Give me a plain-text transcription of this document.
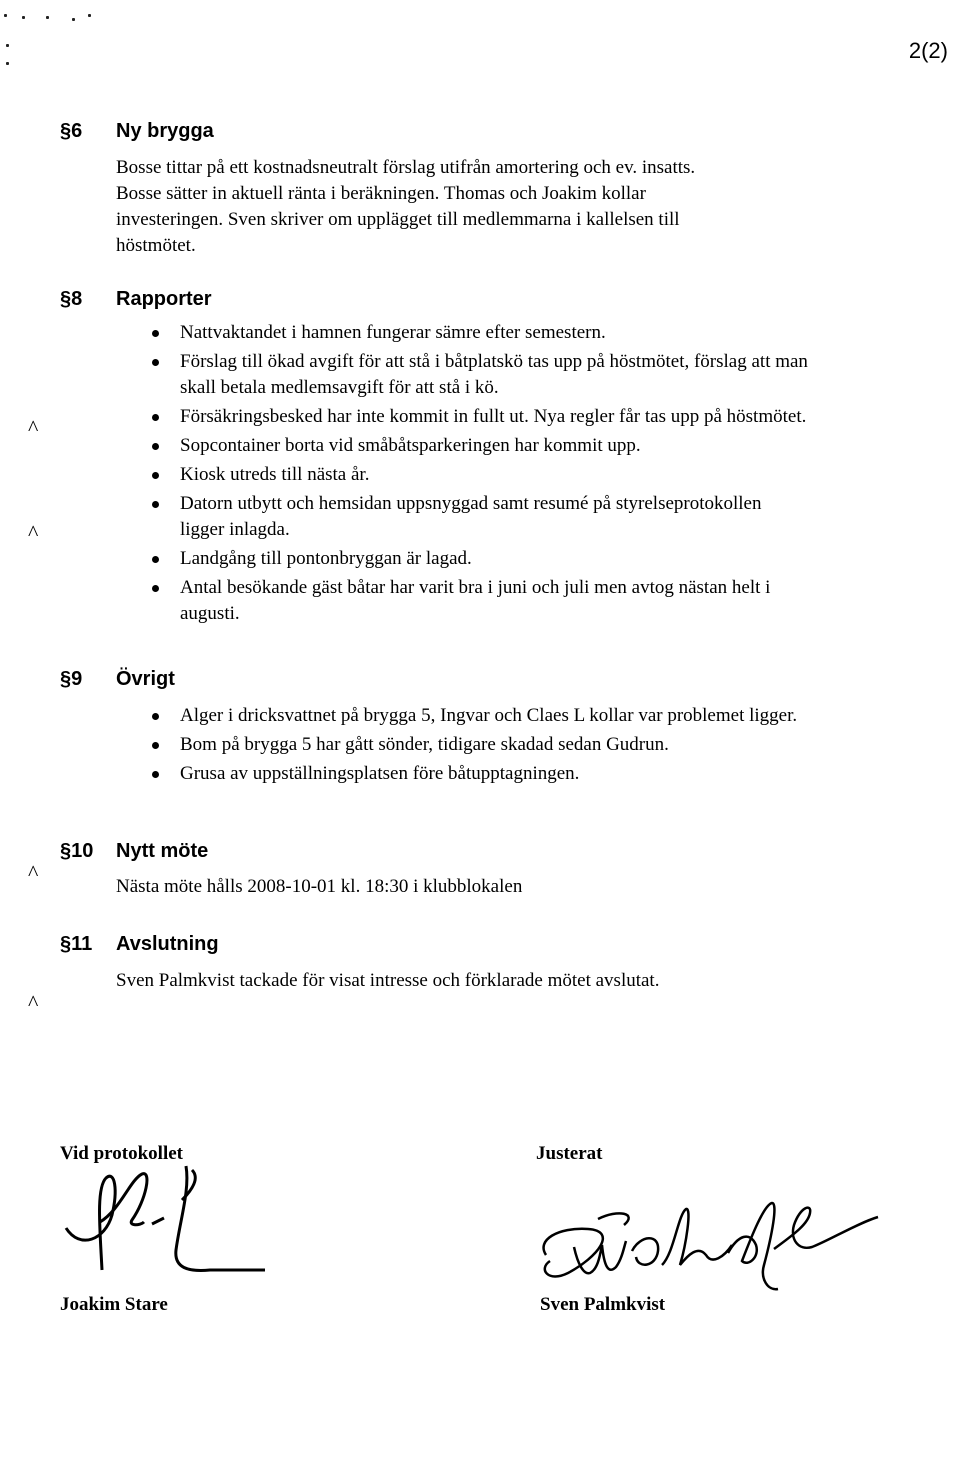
2(2)
§6 Ny brygga
Bosse tittar på ett kostnadsneutralt förslag utifrån amortering och ev. insatts.
Bosse sätter in aktuell ränta i beräkningen. Thomas och Joakim kollar
investeringen. Sven skriver om upplägget till medlemmarna i kallelsen till
höstmötet.
§8 Rapporter
Nattvaktandet i hamnen fungerar sämre efter semestern.
Förslag till ökad avgift för att stå i båtplatskö tas upp på höstmötet, förslag att man skall betala medlemsavgift för att stå i kö.
Försäkringsbesked har inte kommit in fullt ut. Nya regler får tas upp på höstmötet.
Sopcontainer borta vid småbåtsparkeringen har kommit upp.
Kiosk utreds till nästa år.
Datorn utbytt och hemsidan uppsnyggad samt resumé på styrelseprotokollen ligger inlagda.
Landgång till pontonbryggan är lagad.
Antal besökande gäst båtar har varit bra i juni och juli men avtog nästan helt i augusti.
§9 Övrigt
Alger i dricksvattnet på brygga 5, Ingvar och Claes L kollar var problemet ligger.
Bom på brygga 5 har gått sönder, tidigare skadad sedan Gudrun.
Grusa av uppställningsplatsen före båtupptagningen.
§10 Nytt möte
Nästa möte hålls 2008-10-01 kl. 18:30 i klubblokalen
§11 Avslutning
Sven Palmkvist tackade för visat intresse och förklarade mötet avslutat.
^
^
^
^
Vid protokollet	Justerat
Joakim Stare	Sven Palmkvist
